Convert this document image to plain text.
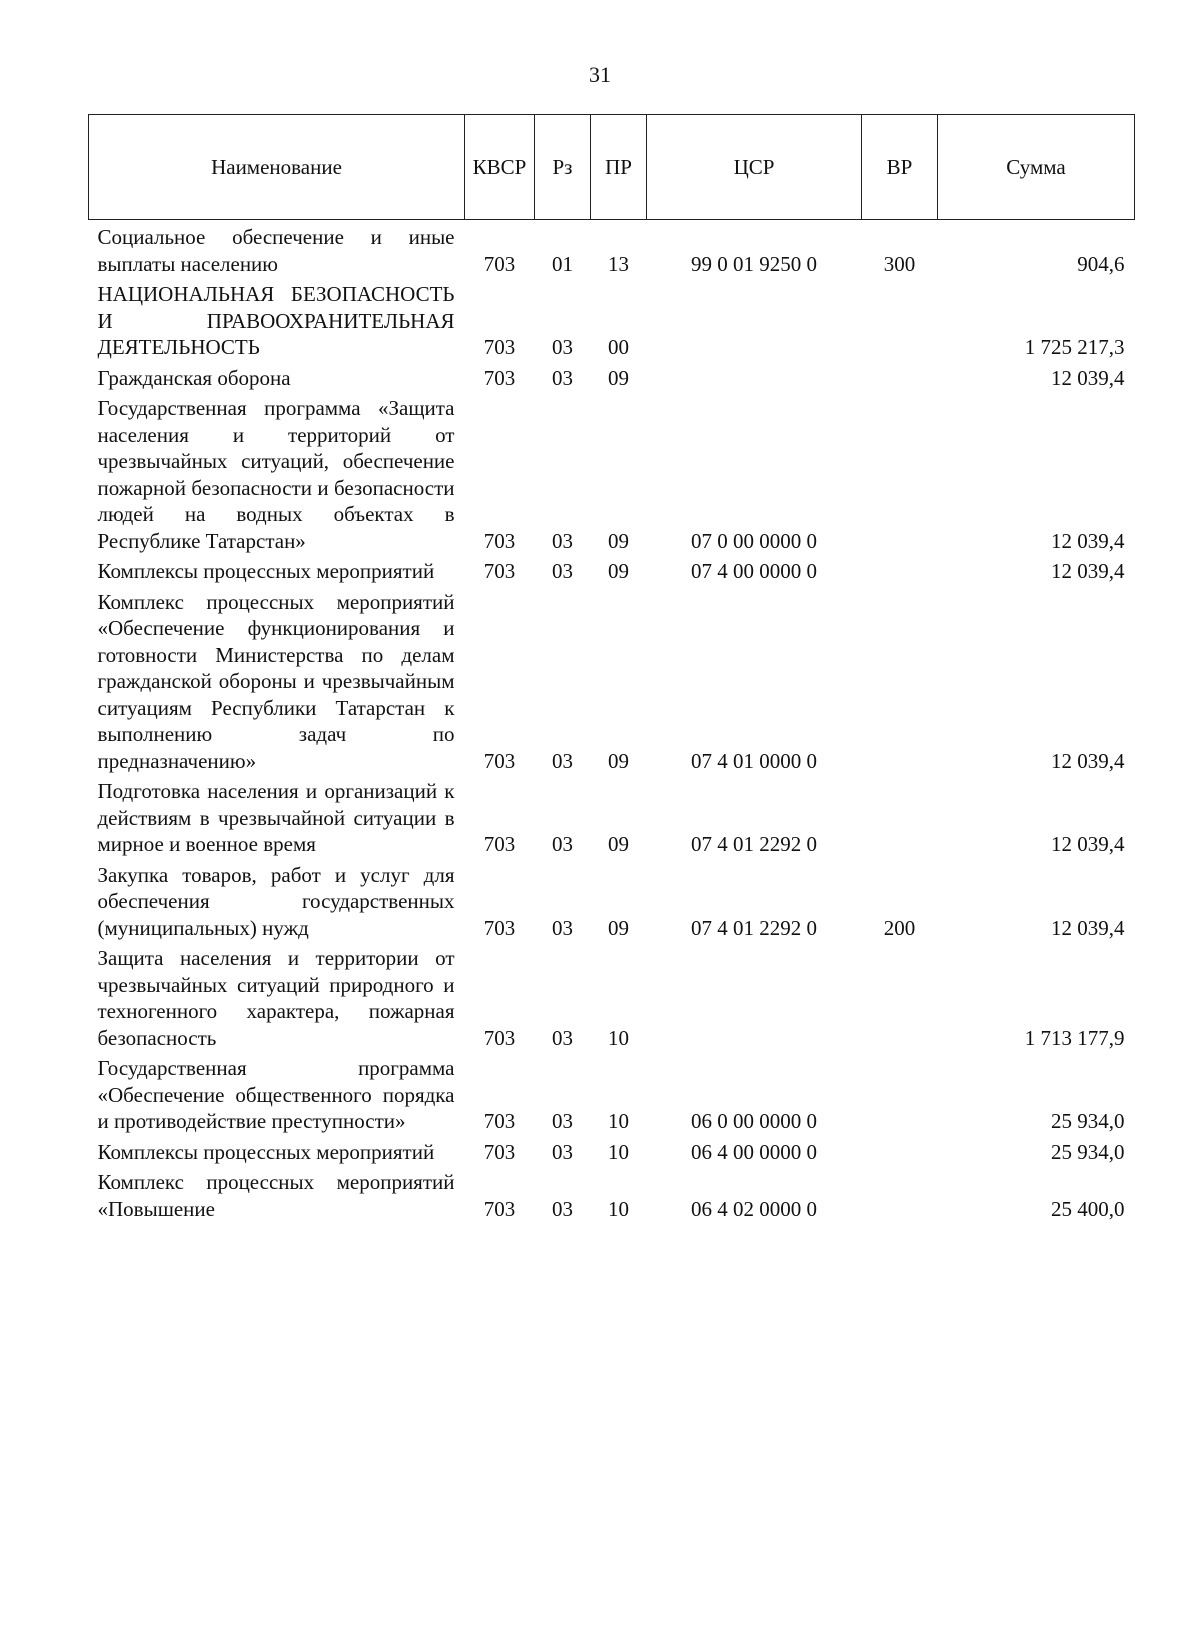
31
Наименование	КВСР	Рз	ПР	ЦСР	ВР	Сумма
Социальное обеспечение и иные выплаты населению	703	01	13	99 0 01 9250 0	300	904,6
НАЦИОНАЛЬНАЯ БЕЗОПАСНОСТЬ И ПРАВООХРАНИТЕЛЬНАЯ ДЕЯТЕЛЬНОСТЬ	703	03	00			1 725 217,3
Гражданская оборона	703	03	09			12 039,4
Государственная программа «Защита населения и территорий от чрезвычайных ситуаций, обеспечение пожарной безопасности и безопасности людей на водных объектах в Республике Татарстан»	703	03	09	07 0 00 0000 0		12 039,4
Комплексы процессных мероприятий	703	03	09	07 4 00 0000 0		12 039,4
Комплекс процессных мероприятий «Обеспечение функционирования и готовности Министерства по делам гражданской обороны и чрезвычайным ситуациям Республики Татарстан к выполнению задач по предназначению»	703	03	09	07 4 01 0000 0		12 039,4
Подготовка населения и организаций к действиям в чрезвычайной ситуации в мирное и военное время	703	03	09	07 4 01 2292 0		12 039,4
Закупка товаров, работ и услуг для обеспечения государственных (муниципальных) нужд	703	03	09	07 4 01 2292 0	200	12 039,4
Защита населения и территории от чрезвычайных ситуаций природного и техногенного характера, пожарная безопасность	703	03	10			1 713 177,9
Государственная программа «Обеспечение общественного порядка и противодействие преступности»	703	03	10	06 0 00 0000 0		25 934,0
Комплексы процессных мероприятий	703	03	10	06 4 00 0000 0		25 934,0
Комплекс процессных мероприятий «Повышение	703	03	10	06 4 02 0000 0		25 400,0
